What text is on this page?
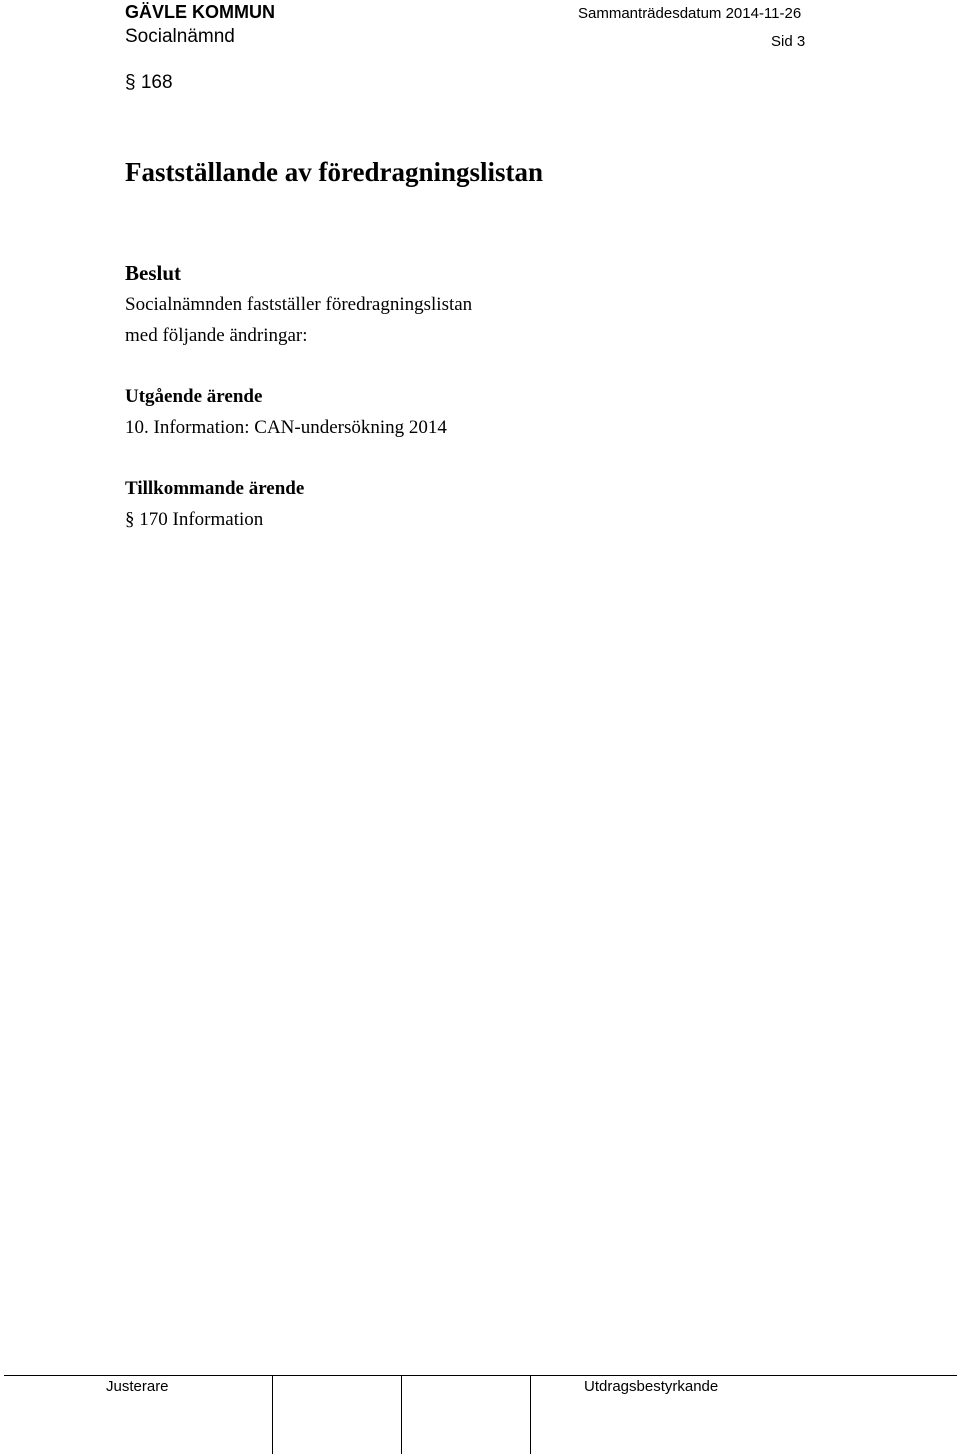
GÄVLE KOMMUN
Socialnämnd
Sammanträdesdatum 2014-11-26
Sid 3
§ 168
Fastställande av föredragningslistan
Beslut
Socialnämnden fastställer föredragningslistan
med följande ändringar:
Utgående ärende
10. Information: CAN-undersökning 2014
Tillkommande ärende
§ 170 Information
Justerare	Utdragsbestyrkande
